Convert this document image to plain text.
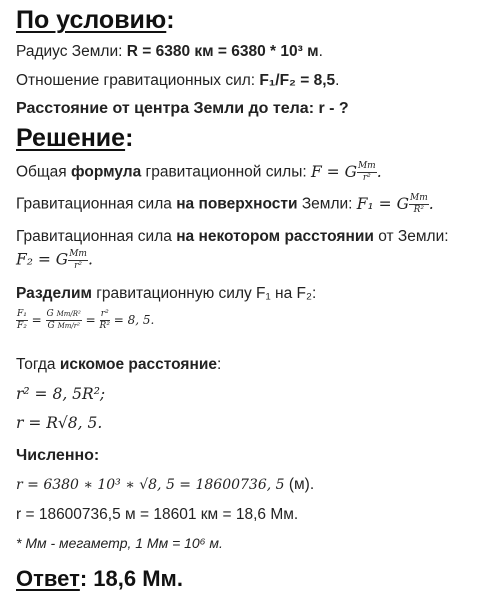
По условию:
Радиус Земли: R = 6380 км = 6380 * 10³ м.
Отношение гравитационных сил: F₁/F₂ = 8,5.
Расстояние от центра Земли до тела: r - ?
Решение:
Общая формула гравитационной силы: F = G $\frac{Mm}{\text{r²}}$ .
Гравитационная сила на поверхности Земли: F₁ = G $\frac{Mm}{\text{R²}}$ .
Гравитационная сила на некотором расстоянии от Земли:
F₂ = G $\frac{Mm}{\text{r²}}$ .
Разделим гравитационную силу F₁ на F₂:
$\frac{\text{F₁}}{\text{F₂}} = \frac{\text{G Mm/R²}}{\text{G Mm/r²}} = \frac{\text{r²}}{\text{R²}} = 8$, 5.
Тогда искомое расстояние:
r² = 8, 5R²;
r = R√8, 5.
Численно:
r = 6380 ∗ 10³ ∗ √8, 5 = 18600736, 5 (м).
r = 18600736,5 м = 18601 км = 18,6 Мм.
* Мм - мегаметр, 1 Мм = 10⁶ м.
Ответ: 18,6 Мм.
